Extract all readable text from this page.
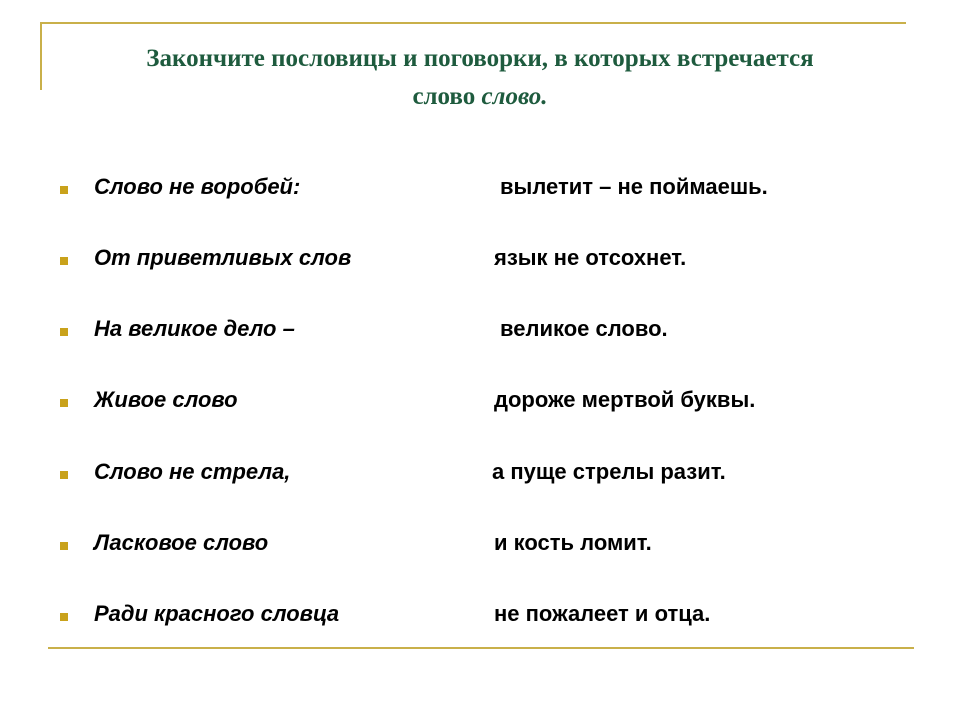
Закончите пословицы и поговорки, в которых встречается
слово слово.
Слово не воробей:	вылетит – не поймаешь.
От приветливых слов	язык не отсохнет.
На великое дело –	великое слово.
Живое слово	дороже мертвой буквы.
Слово не стрела,	а пуще стрелы разит.
Ласковое слово	и кость ломит.
Ради красного словца	не пожалеет и отца.
